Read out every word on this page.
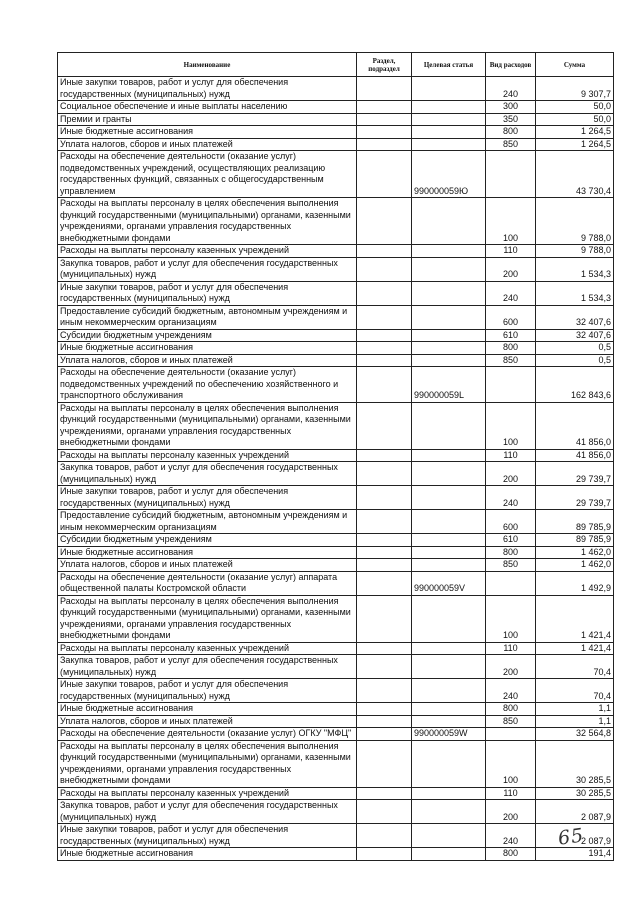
Наименование	Раздел, подраздел	Целевая статья	Вид расходов	Сумма
Иные закупки товаров, работ и услуг для обеспечения государственных (муниципальных) нужд			240	9 307,7
Социальное обеспечение и иные выплаты населению			300	50,0
Премии и гранты			350	50,0
Иные бюджетные ассигнования			800	1 264,5
Уплата налогов, сборов и иных платежей			850	1 264,5
Расходы на обеспечение деятельности (оказание услуг) подведомственных учреждений, осуществляющих реализацию государственных функций, связанных с общегосударственным управлением		990000059Ю		43 730,4
Расходы на выплаты персоналу в целях обеспечения выполнения функций государственными (муниципальными) органами, казенными учреждениями, органами управления государственных внебюджетными фондами			100	9 788,0
Расходы на выплаты персоналу казенных учреждений			110	9 788,0
Закупка товаров, работ и услуг для обеспечения государственных (муниципальных) нужд			200	1 534,3
Иные закупки товаров, работ и услуг для обеспечения государственных (муниципальных) нужд			240	1 534,3
Предоставление субсидий бюджетным, автономным учреждениям и иным некоммерческим организациям			600	32 407,6
Субсидии бюджетным учреждениям			610	32 407,6
Иные бюджетные ассигнования			800	0,5
Уплата налогов, сборов и иных платежей			850	0,5
Расходы на обеспечение деятельности (оказание услуг) подведомственных учреждений по обеспечению хозяйственного и транспортного обслуживания		990000059L		162 843,6
Расходы на выплаты персоналу в целях обеспечения выполнения функций государственными (муниципальными) органами, казенными учреждениями, органами управления государственных внебюджетными фондами			100	41 856,0
Расходы на выплаты персоналу казенных учреждений			110	41 856,0
Закупка товаров, работ и услуг для обеспечения государственных (муниципальных) нужд			200	29 739,7
Иные закупки товаров, работ и услуг для обеспечения государственных (муниципальных) нужд			240	29 739,7
Предоставление субсидий бюджетным, автономным учреждениям и иным некоммерческим организациям			600	89 785,9
Субсидии бюджетным учреждениям			610	89 785,9
Иные бюджетные ассигнования			800	1 462,0
Уплата налогов, сборов и иных платежей			850	1 462,0
Расходы на обеспечение деятельности (оказание услуг) аппарата общественной палаты Костромской области		990000059V		1 492,9
Расходы на выплаты персоналу в целях обеспечения выполнения функций государственными (муниципальными) органами, казенными учреждениями, органами управления государственных внебюджетными фондами			100	1 421,4
Расходы на выплаты персоналу казенных учреждений			110	1 421,4
Закупка товаров, работ и услуг для обеспечения государственных (муниципальных) нужд			200	70,4
Иные закупки товаров, работ и услуг для обеспечения государственных (муниципальных) нужд			240	70,4
Иные бюджетные ассигнования			800	1,1
Уплата налогов, сборов и иных платежей			850	1,1
Расходы на обеспечение деятельности (оказание услуг) ОГКУ "МФЦ"		990000059W		32 564,8
Расходы на выплаты персоналу в целях обеспечения выполнения функций государственными (муниципальными) органами, казенными учреждениями, органами управления государственных внебюджетными фондами			100	30 285,5
Расходы на выплаты персоналу казенных учреждений			110	30 285,5
Закупка товаров, работ и услуг для обеспечения государственных (муниципальных) нужд			200	2 087,9
Иные закупки товаров, работ и услуг для обеспечения государственных (муниципальных) нужд			240	2 087,9
Иные бюджетные ассигнования			800	191,4
65
